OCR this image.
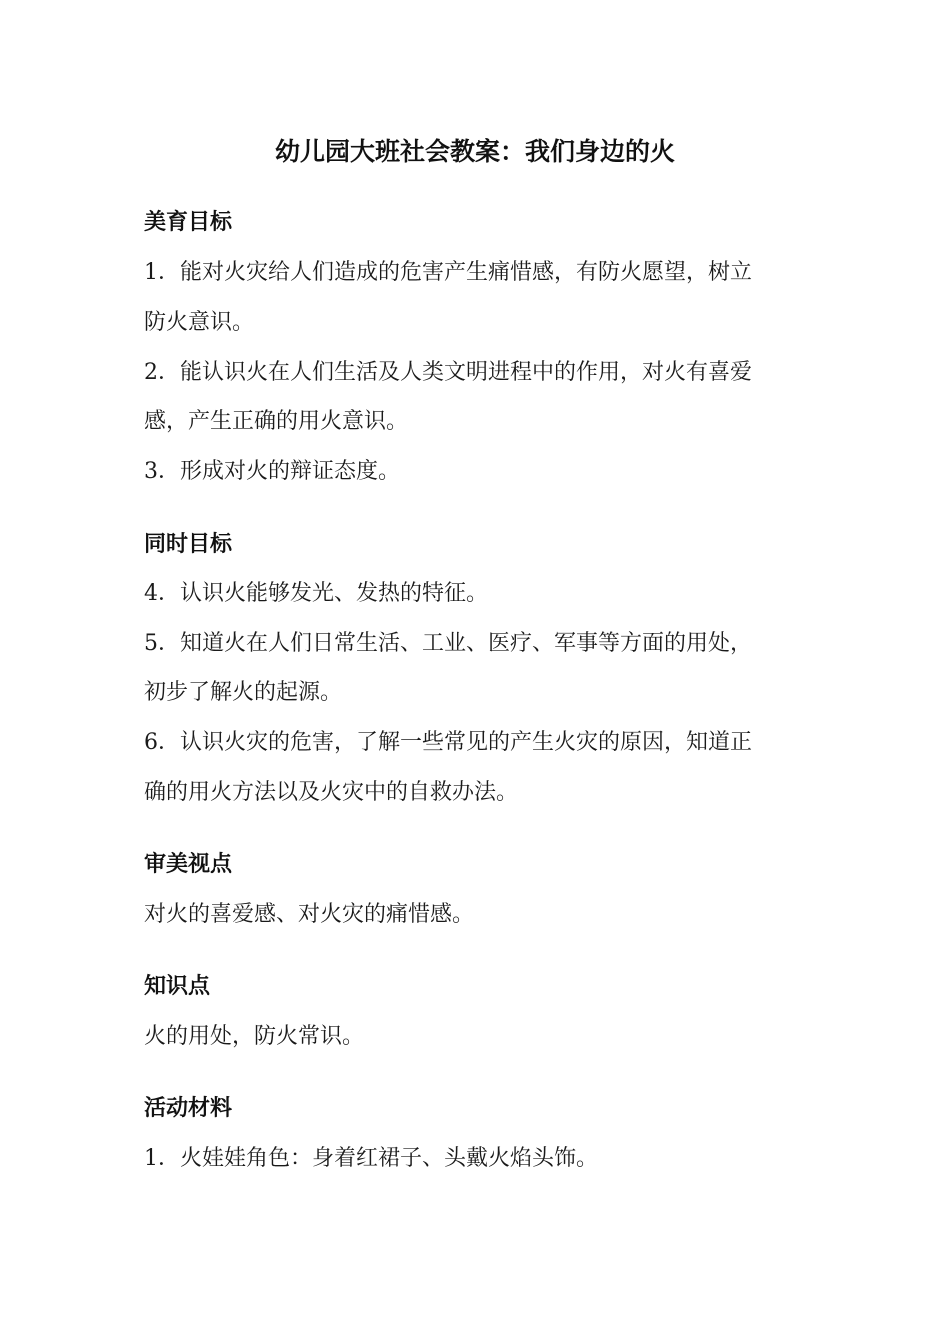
幼儿园大班社会教案：我们身边的火
美育目标
1．能对火灾给人们造成的危害产生痛惜感，有防火愿望，树立
防火意识。
2．能认识火在人们生活及人类文明进程中的作用，对火有喜爱
感，产生正确的用火意识。
3．形成对火的辩证态度。
同时目标
4．认识火能够发光、发热的特征。
5．知道火在人们日常生活、工业、医疗、军事等方面的用处，
初步了解火的起源。
6．认识火灾的危害，了解一些常见的产生火灾的原因，知道正
确的用火方法以及火灾中的自救办法。
审美视点
对火的喜爱感、对火灾的痛惜感。
知识点
火的用处，防火常识。
活动材料
1．火娃娃角色：身着红裙子、头戴火焰头饰。
